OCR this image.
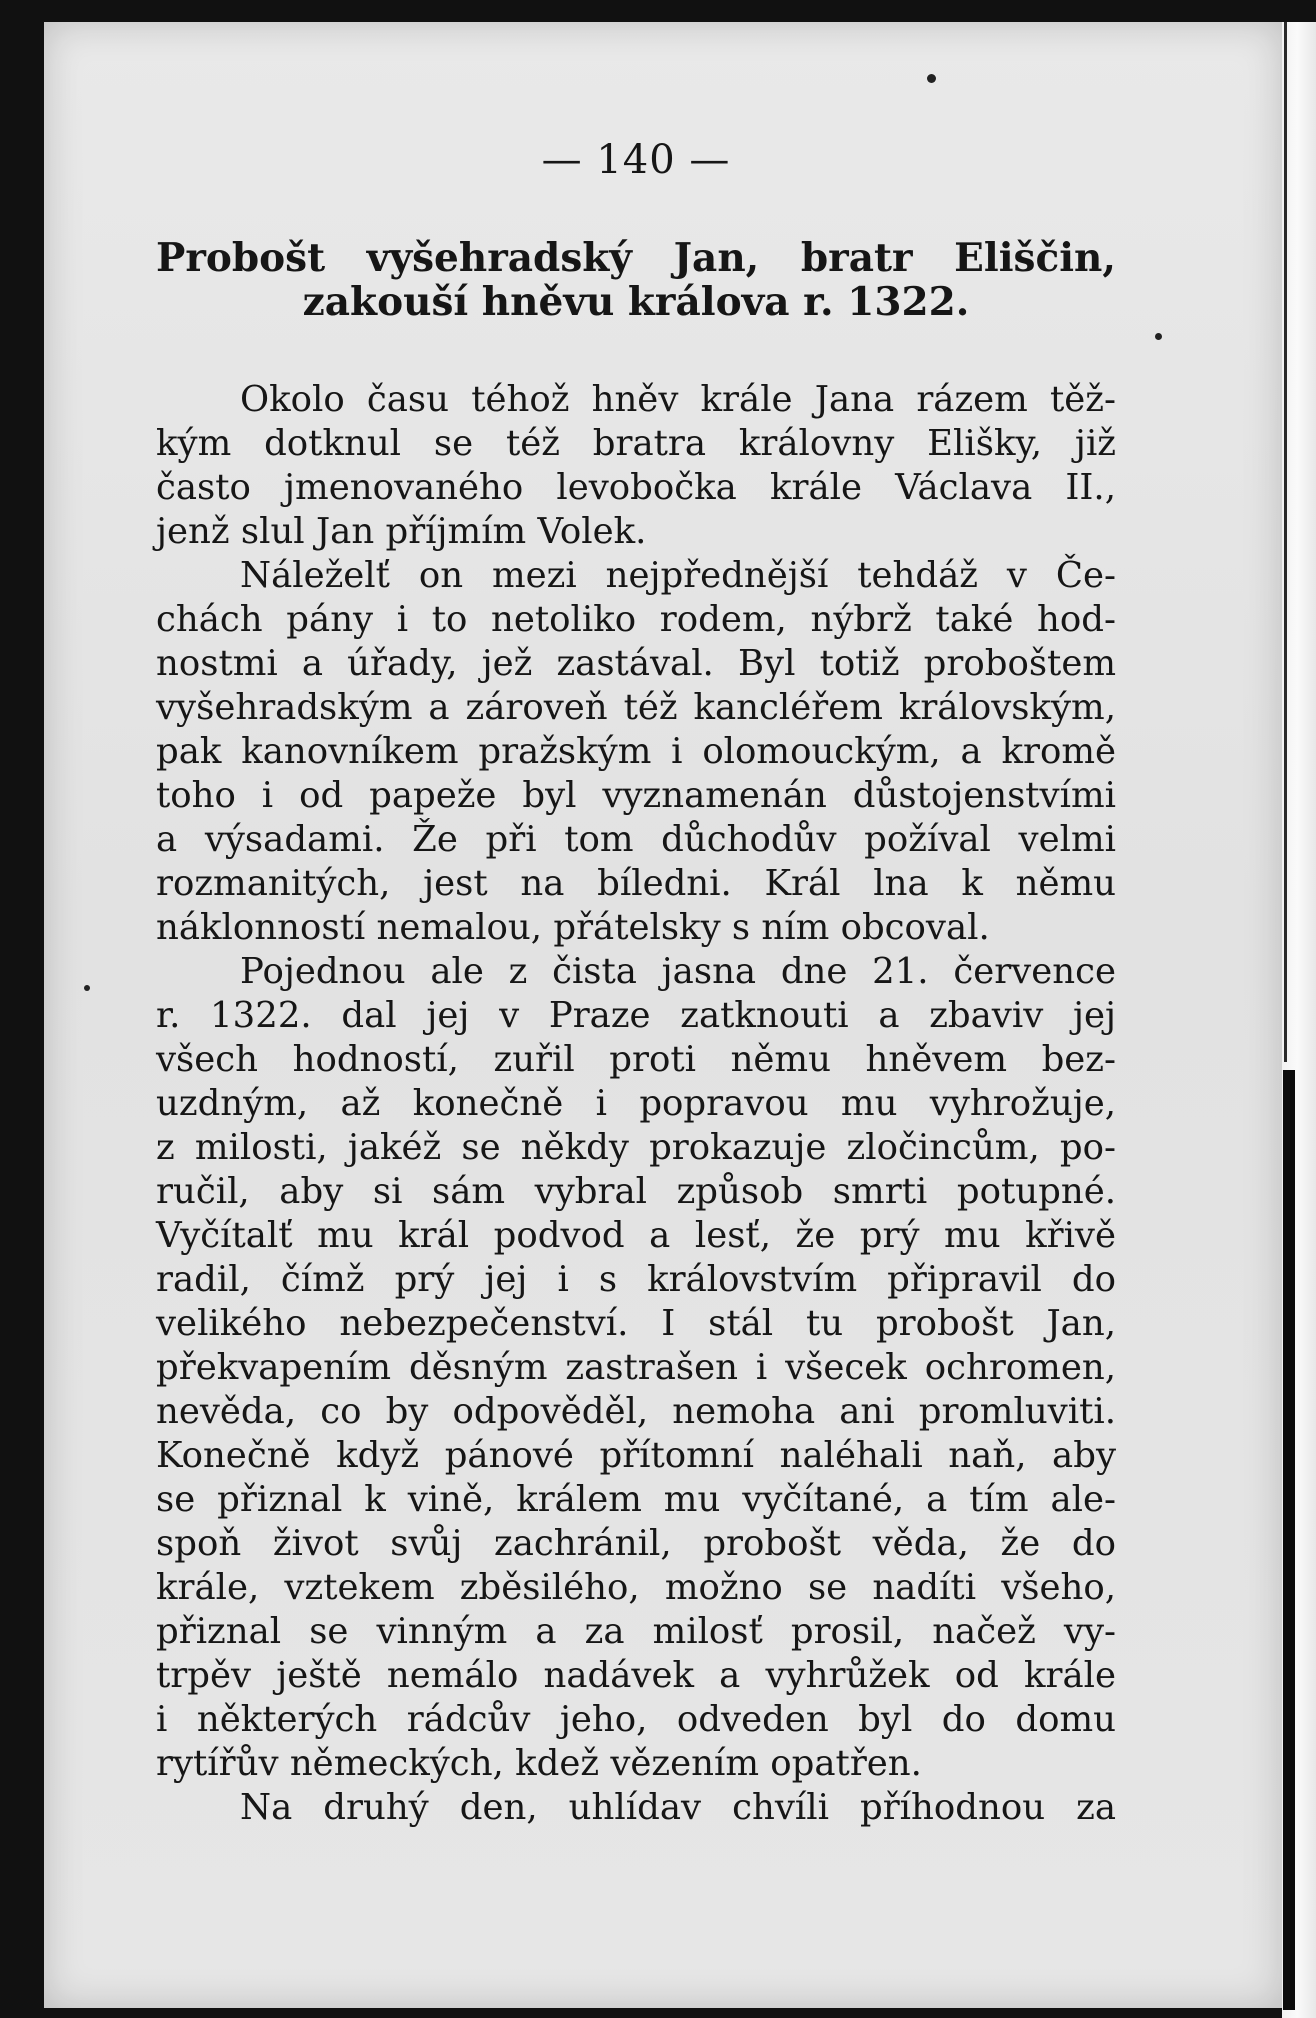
— 140 —
Probošt vyšehradský Jan, bratr Eliščin,
zakouší hněvu králova r. 1322.
Okolo času téhož hněv krále Jana rázem těž-
kým dotknul se též bratra královny Elišky, již
často jmenovaného levobočka krále Václava II.,
jenž slul Jan příjmím Volek.
Náleželť on mezi nejpřednější tehdáž v Če-
chách pány i to netoliko rodem, nýbrž také hod-
nostmi a úřady, jež zastával. Byl totiž proboštem
vyšehradským a zároveň též kancléřem královským,
pak kanovníkem pražským i olomouckým, a kromě
toho i od papeže byl vyznamenán důstojenstvími
a výsadami. Že při tom důchodův požíval velmi
rozmanitých, jest na bíledni. Král lna k němu
náklonností nemalou, přátelsky s ním obcoval.
Pojednou ale z čista jasna dne 21. července
r. 1322. dal jej v Praze zatknouti a zbaviv jej
všech hodností, zuřil proti němu hněvem bez-
uzdným, až konečně i popravou mu vyhrožuje,
z milosti, jakéž se někdy prokazuje zločincům, po-
ručil, aby si sám vybral způsob smrti potupné.
Vyčítalť mu král podvod a lesť, že prý mu křivě
radil, čímž prý jej i s královstvím připravil do
velikého nebezpečenství. I stál tu probošt Jan,
překvapením děsným zastrašen i všecek ochromen,
nevěda, co by odpověděl, nemoha ani promluviti.
Konečně když pánové přítomní naléhali naň, aby
se přiznal k vině, králem mu vyčítané, a tím ale-
spoň život svůj zachránil, probošt věda, že do
krále, vztekem zběsilého, možno se nadíti všeho,
přiznal se vinným a za milosť prosil, načež vy-
trpěv ještě nemálo nadávek a vyhrůžek od krále
i některých rádcův jeho, odveden byl do domu
rytířův německých, kdež vězením opatřen.
Na druhý den, uhlídav chvíli příhodnou za
